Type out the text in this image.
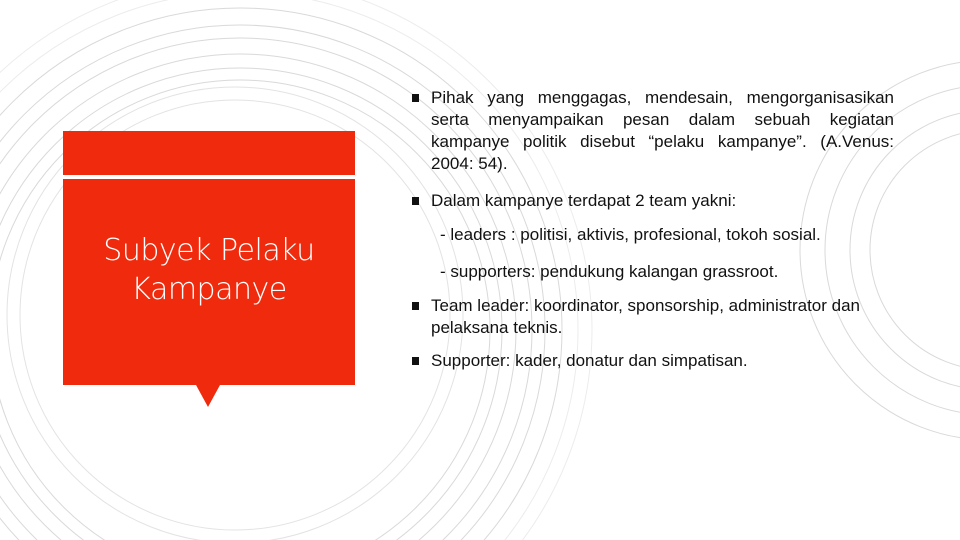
Subyek Pelaku Kampanye
Pihak yang menggagas, mendesain, mengorganisasikan serta menyampaikan pesan dalam sebuah kegiatan kampanye politik disebut “pelaku kampanye”. (A.Venus: 2004: 54).
Dalam kampanye terdapat 2 team yakni:
- leaders : politisi, aktivis, profesional, tokoh sosial.
- supporters: pendukung kalangan grassroot.
Team leader: koordinator, sponsorship, administrator dan pelaksana teknis.
Supporter: kader, donatur dan simpatisan.
